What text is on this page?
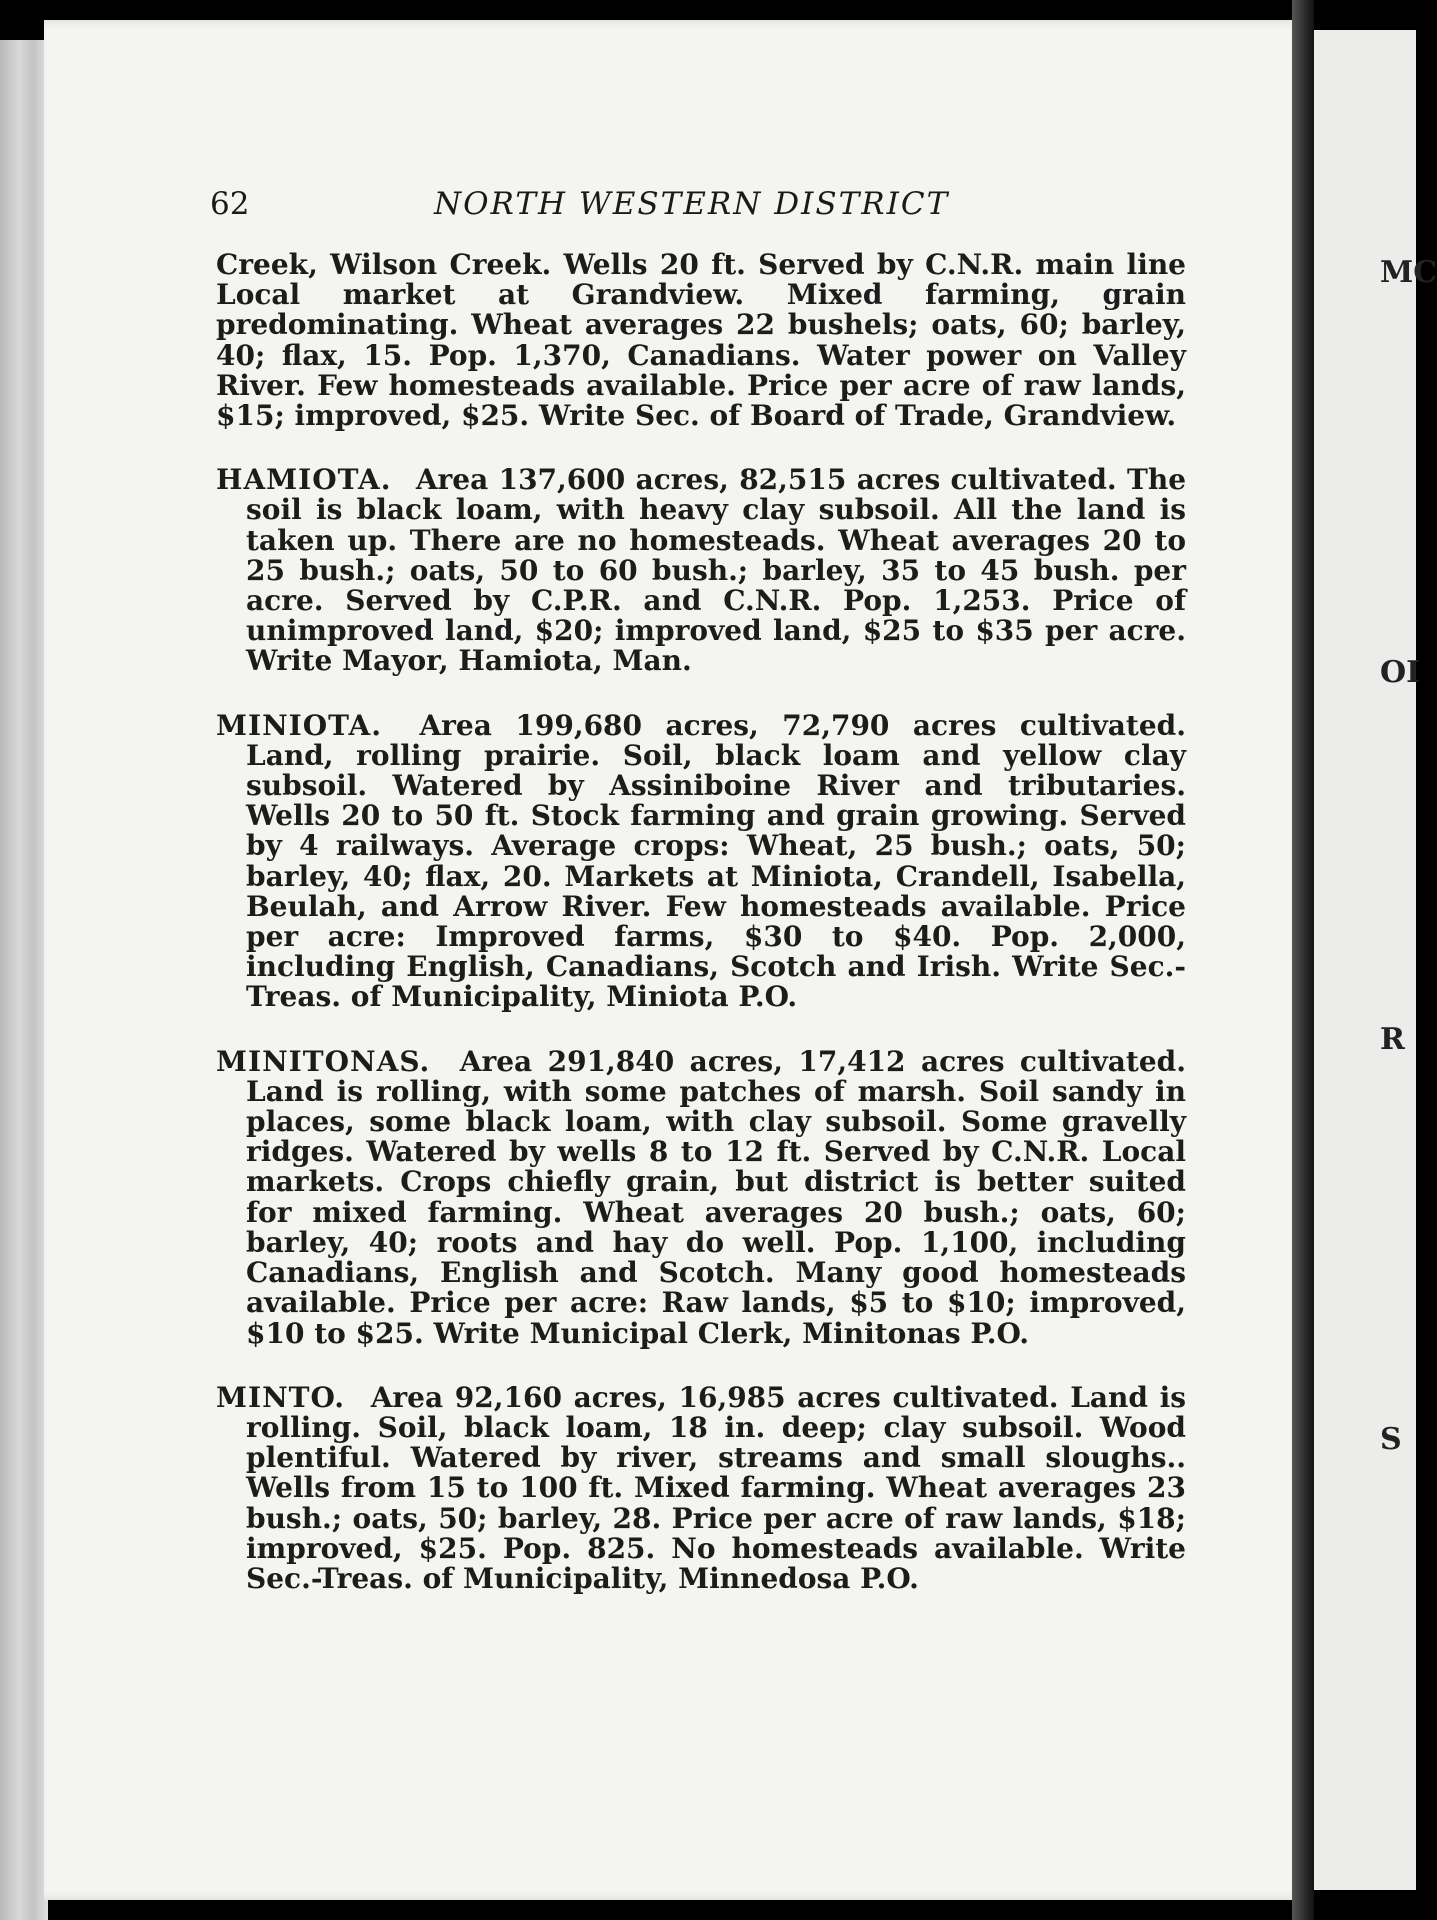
MC
OI
R
S
62	NORTH WESTERN DISTRICT

Creek, Wilson Creek. Wells 20 ft. Served by C.N.R. main line Local market at Grandview. Mixed farming, grain predominating. Wheat averages 22 bushels; oats, 60; barley, 40; flax, 15. Pop. 1,370, Canadians. Water power on Valley River. Few homesteads available. Price per acre of raw lands, $15; improved, $25. Write Sec. of Board of Trade, Grandview.

HAMIOTA. Area 137,600 acres, 82,515 acres cultivated. The soil is black loam, with heavy clay subsoil. All the land is taken up. There are no homesteads. Wheat averages 20 to 25 bush.; oats, 50 to 60 bush.; barley, 35 to 45 bush. per acre. Served by C.P.R. and C.N.R. Pop. 1,253. Price of unimproved land, $20; improved land, $25 to $35 per acre. Write Mayor, Hamiota, Man.

MINIOTA. Area 199,680 acres, 72,790 acres cultivated. Land, rolling prairie. Soil, black loam and yellow clay subsoil. Watered by Assiniboine River and tributaries. Wells 20 to 50 ft. Stock farming and grain growing. Served by 4 railways. Average crops: Wheat, 25 bush.; oats, 50; barley, 40; flax, 20. Markets at Miniota, Crandell, Isabella, Beulah, and Arrow River. Few homesteads available. Price per acre: Improved farms, $30 to $40. Pop. 2,000, including English, Canadians, Scotch and Irish. Write Sec.-Treas. of Municipality, Miniota P.O.

MINITONAS. Area 291,840 acres, 17,412 acres cultivated. Land is rolling, with some patches of marsh. Soil sandy in places, some black loam, with clay subsoil. Some gravelly ridges. Watered by wells 8 to 12 ft. Served by C.N.R. Local markets. Crops chiefly grain, but district is better suited for mixed farming. Wheat averages 20 bush.; oats, 60; barley, 40; roots and hay do well. Pop. 1,100, including Canadians, English and Scotch. Many good homesteads available. Price per acre: Raw lands, $5 to $10; improved, $10 to $25. Write Municipal Clerk, Minitonas P.O.

MINTO. Area 92,160 acres, 16,985 acres cultivated. Land is rolling. Soil, black loam, 18 in. deep; clay subsoil. Wood plentiful. Watered by river, streams and small sloughs.. Wells from 15 to 100 ft. Mixed farming. Wheat averages 23 bush.; oats, 50; barley, 28. Price per acre of raw lands, $18; improved, $25. Pop. 825. No homesteads available. Write Sec.-Treas. of Municipality, Minnedosa P.O.
